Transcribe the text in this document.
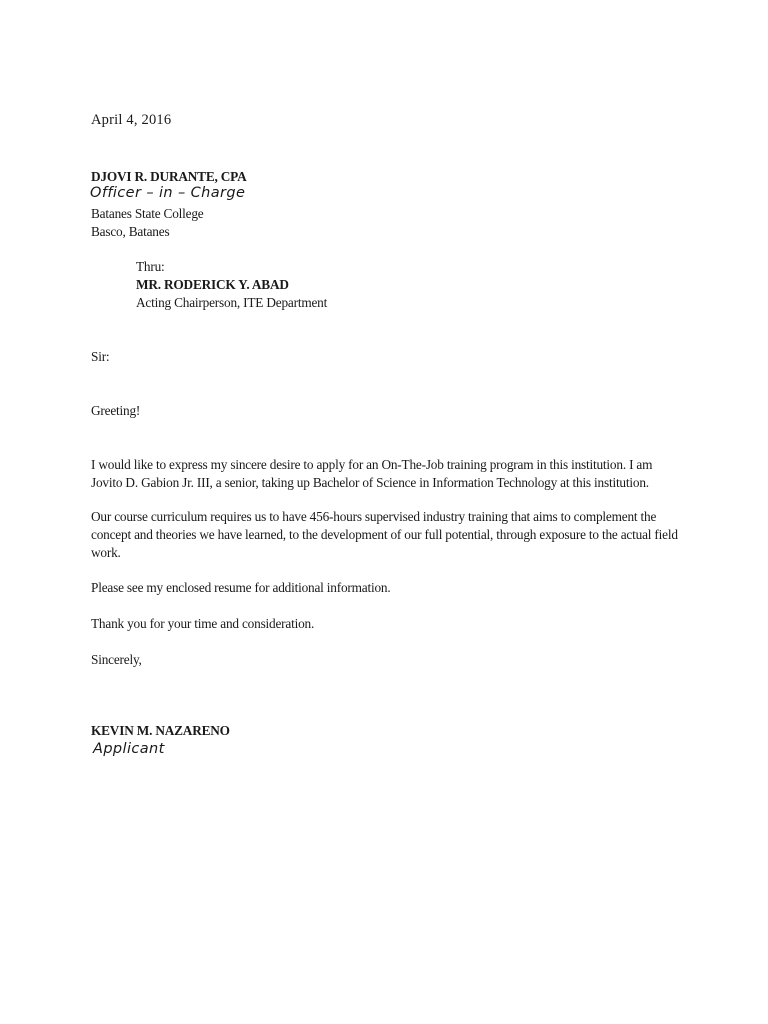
April 4, 2016
DJOVI R. DURANTE, CPA
Officer – in – Charge
Batanes State College
Basco, Batanes
Thru:
MR. RODERICK Y. ABAD
Acting Chairperson, ITE Department
Sir:
Greeting!
I would like to express my sincere desire to apply for an On-The-Job training program in this institution. I am
Jovito D. Gabion Jr. III, a senior, taking up Bachelor of Science in Information Technology at this institution.
Our course curriculum requires us to have 456-hours supervised industry training that aims to complement the
concept and theories we have learned, to the development of our full potential, through exposure to the actual field
work.
Please see my enclosed resume for additional information.
Thank you for your time and consideration.
Sincerely,
KEVIN M. NAZARENO
Applicant
